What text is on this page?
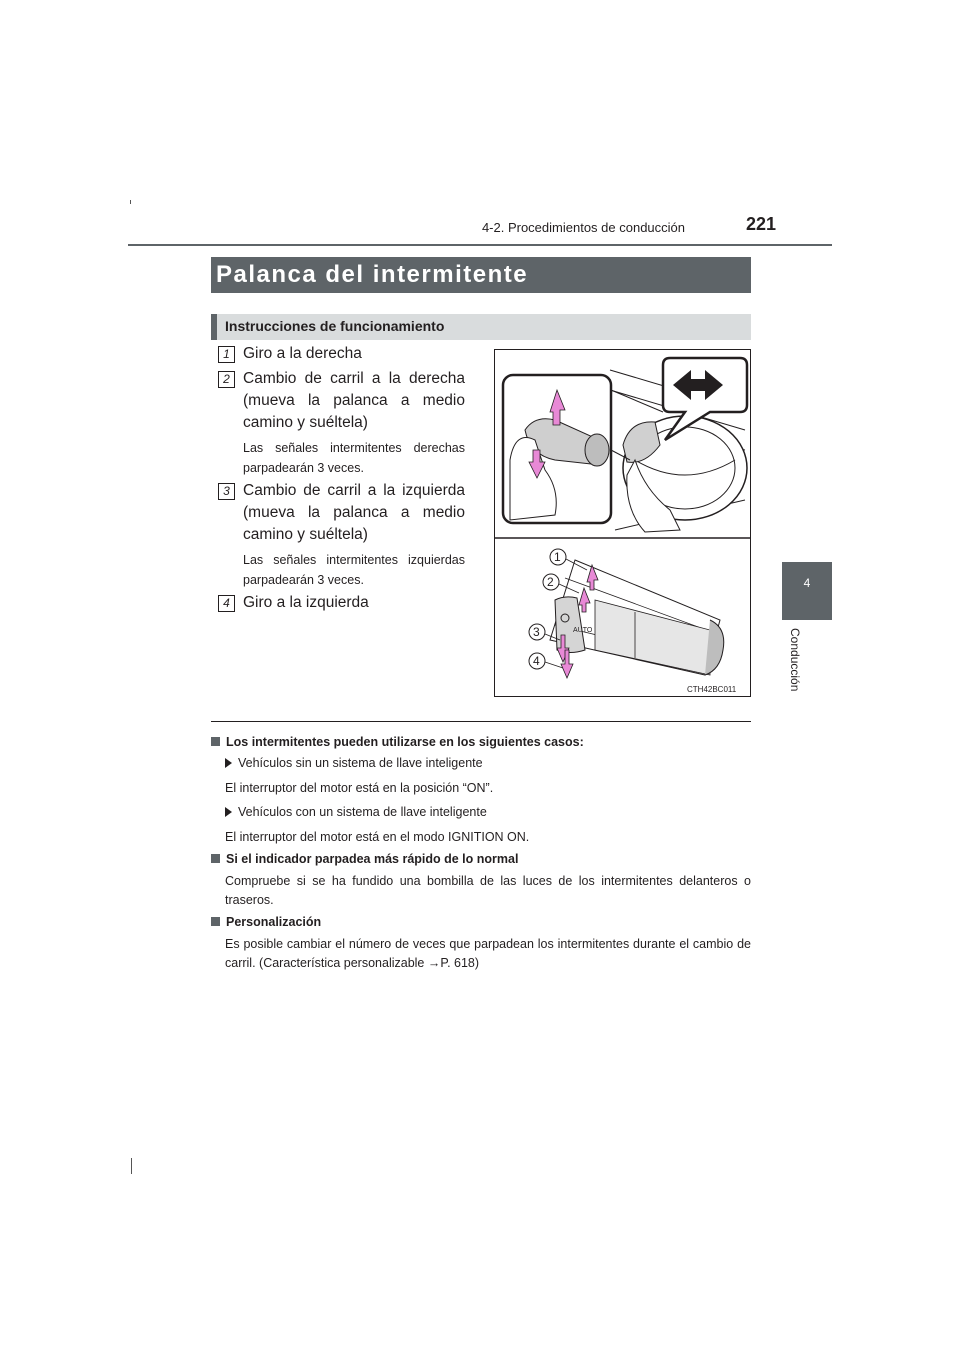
4-2. Procedimientos de conducción	221
4
Conducción
Palanca del intermitente
Instrucciones de funcionamiento
1 Giro a la derecha
2 Cambio de carril a la derecha (mueva la palanca a medio camino y suéltela)
Las señales intermitentes derechas parpadearán 3 veces.
3 Cambio de carril a la izquierda (mueva la palanca a medio camino y suéltela)
Las señales intermitentes izquierdas parpadearán 3 veces.
4 Giro a la izquierda
AUTO
1
2
3
4
CTH42BC011
Los intermitentes pueden utilizarse en los siguientes casos:
Vehículos sin un sistema de llave inteligente
El interruptor del motor está en la posición “ON”.
Vehículos con un sistema de llave inteligente
El interruptor del motor está en el modo IGNITION ON.
Si el indicador parpadea más rápido de lo normal
Compruebe si se ha fundido una bombilla de las luces de los intermitentes delanteros o traseros.
Personalización
Es posible cambiar el número de veces que parpadean los intermitentes durante el cambio de carril. (Característica personalizable →P. 618)
